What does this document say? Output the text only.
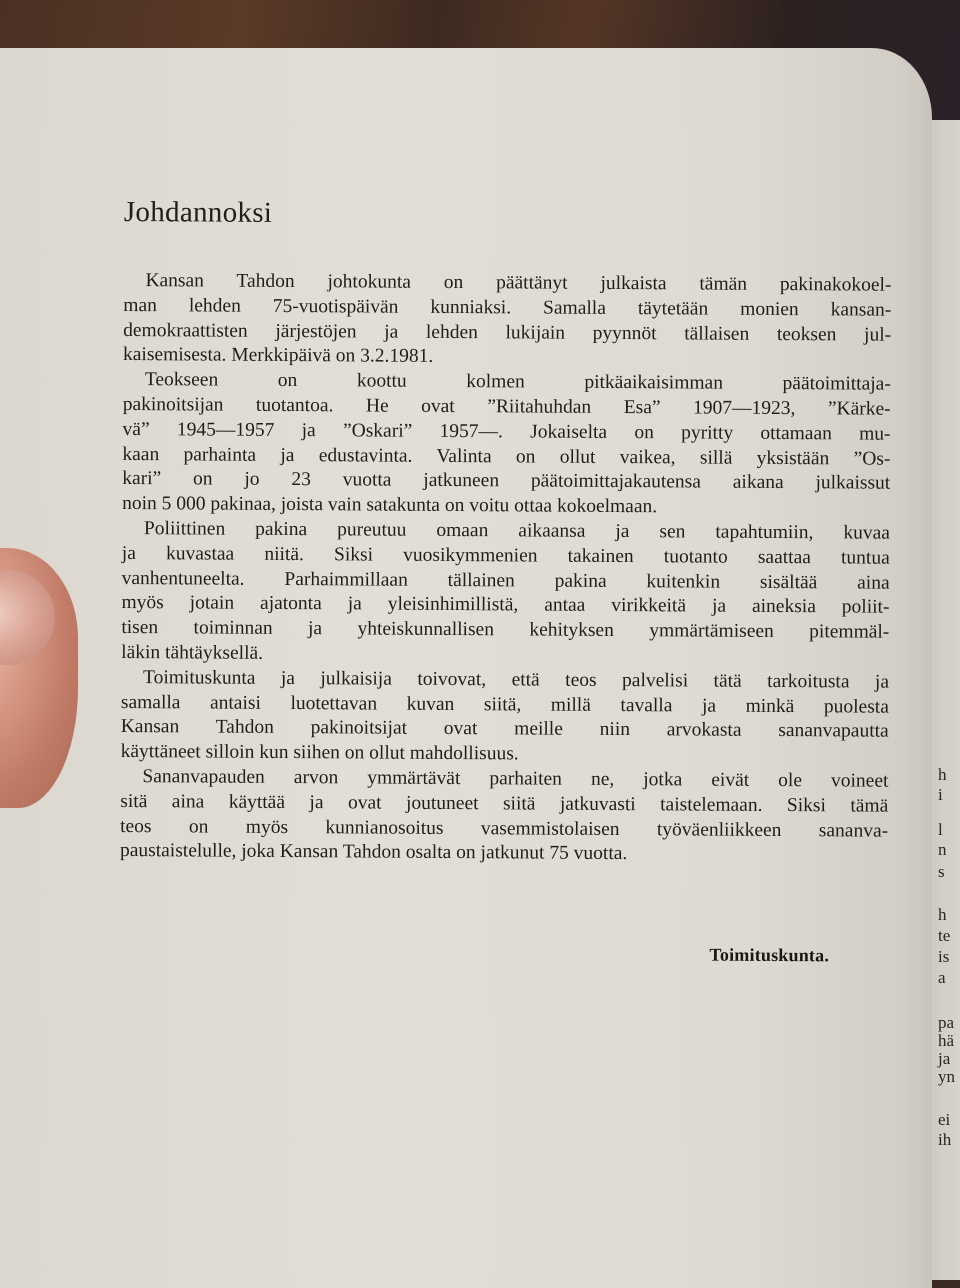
Johdannoksi

Kansan Tahdon johtokunta on päättänyt julkaista tämän pakinakokoel-
man lehden 75-vuotispäivän kunniaksi. Samalla täytetään monien kansan-
demokraattisten järjestöjen ja lehden lukijain pyynnöt tällaisen teoksen jul-
kaisemisesta. Merkkipäivä on 3.2.1981.

Teokseen on koottu kolmen pitkäaikaisimman päätoimittaja-
pakinoitsijan tuotantoa. He ovat ”Riitahuhdan Esa” 1907—1923, ”Kärke-
vä” 1945—1957 ja ”Oskari” 1957—. Jokaiselta on pyritty ottamaan mu-
kaan parhainta ja edustavinta. Valinta on ollut vaikea, sillä yksistään ”Os-
kari” on jo 23 vuotta jatkuneen päätoimittajakautensa aikana julkaissut
noin 5 000 pakinaa, joista vain satakunta on voitu ottaa kokoelmaan.

Poliittinen pakina pureutuu omaan aikaansa ja sen tapahtumiin, kuvaa
ja kuvastaa niitä. Siksi vuosikymmenien takainen tuotanto saattaa tuntua
vanhentuneelta. Parhaimmillaan tällainen pakina kuitenkin sisältää aina
myös jotain ajatonta ja yleisinhimillistä, antaa virikkeitä ja aineksia poliit-
tisen toiminnan ja yhteiskunnallisen kehityksen ymmärtämiseen pitemmäl-
läkin tähtäyksellä.

Toimituskunta ja julkaisija toivovat, että teos palvelisi tätä tarkoitusta ja
samalla antaisi luotettavan kuvan siitä, millä tavalla ja minkä puolesta
Kansan Tahdon pakinoitsijat ovat meille niin arvokasta sananvapautta
käyttäneet silloin kun siihen on ollut mahdollisuus.

Sananvapauden arvon ymmärtävät parhaiten ne, jotka eivät ole voineet
sitä aina käyttää ja ovat joutuneet siitä jatkuvasti taistelemaan. Siksi tämä
teos on myös kunnianosoitus vasemmistolaisen työväenliikkeen sananva-
paustaistelulle, joka Kansan Tahdon osalta on jatkunut 75 vuotta.

Toimituskunta.
h
i
l
n
s
h
te
is
a
pa
hä
ja
yn
ei
ih
